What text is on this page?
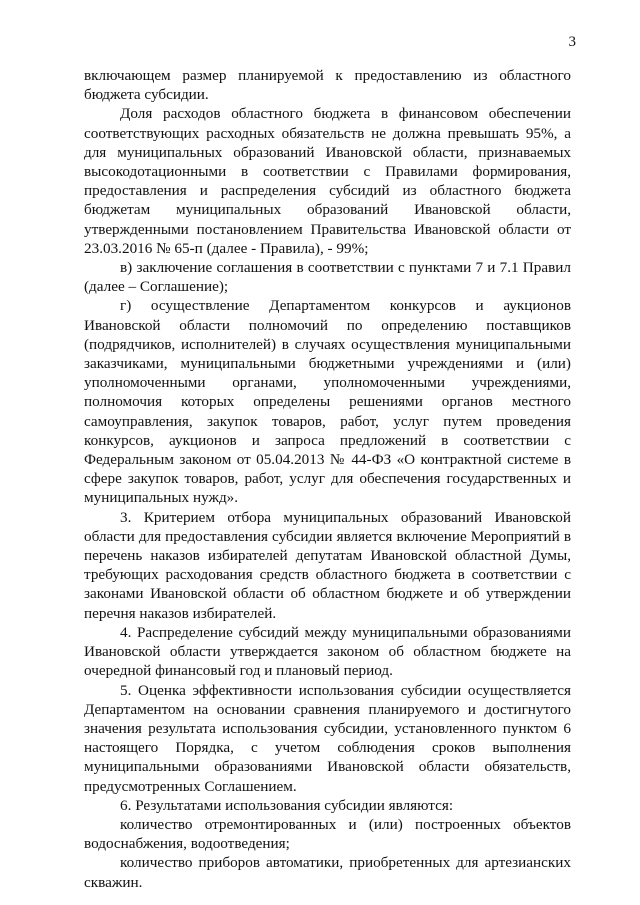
3

включающем размер планируемой к предоставлению из областного бюджета субсидии.

Доля расходов областного бюджета в финансовом обеспечении соответствующих расходных обязательств не должна превышать 95%, а для муниципальных образований Ивановской области, признаваемых высокодотационными в соответствии с Правилами формирования, предоставления и распределения субсидий из областного бюджета бюджетам муниципальных образований Ивановской области, утвержденными постановлением Правительства Ивановской области от 23.03.2016 № 65-п (далее - Правила), - 99%;

в) заключение соглашения в соответствии с пунктами 7 и 7.1 Правил (далее – Соглашение);

г) осуществление Департаментом конкурсов и аукционов Ивановской области полномочий по определению поставщиков (подрядчиков, исполнителей) в случаях осуществления муниципальными заказчиками, муниципальными бюджетными учреждениями и (или) уполномоченными органами, уполномоченными учреждениями, полномочия которых определены решениями органов местного самоуправления, закупок товаров, работ, услуг путем проведения конкурсов, аукционов и запроса предложений в соответствии с Федеральным законом от 05.04.2013 № 44-ФЗ «О контрактной системе в сфере закупок товаров, работ, услуг для обеспечения государственных и муниципальных нужд».

3. Критерием отбора муниципальных образований Ивановской области для предоставления субсидии является включение Мероприятий в перечень наказов избирателей депутатам Ивановской областной Думы, требующих расходования средств областного бюджета в соответствии с законами Ивановской области об областном бюджете и об утверждении перечня наказов избирателей.

4. Распределение субсидий между муниципальными образованиями Ивановской области утверждается законом об областном бюджете на очередной финансовый год и плановый период.

5. Оценка эффективности использования субсидии осуществляется Департаментом на основании сравнения планируемого и достигнутого значения результата использования субсидии, установленного пунктом 6 настоящего Порядка, с учетом соблюдения сроков выполнения муниципальными образованиями Ивановской области обязательств, предусмотренных Соглашением.

6. Результатами использования субсидии являются:

количество отремонтированных и (или) построенных объектов водоснабжения, водоотведения;

количество приборов автоматики, приобретенных для артезианских скважин.
